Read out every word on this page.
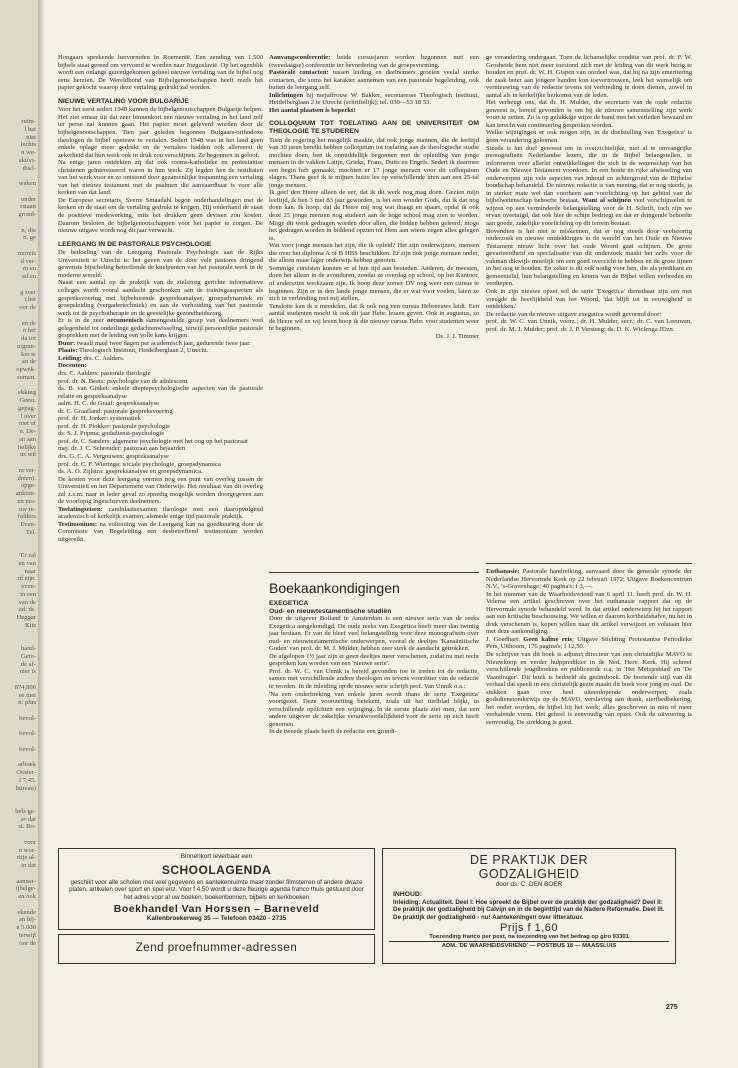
ruim-
l het
niet
lechts
n we-
aktivi-
doel-
waken
onder
rstaan
grond-
n, die
n. ge
moreis
d ver-
m en
ad en
g zeer
t het
oor de
en de
n het
da tot
uigran-
ker te
an de
opwek-
somen.
ekking
Geest.
gepag-
l over
niet of
n. De-
an aan
itelijke
us wil
m ver-
doten).
opge-
ankom-
en mo-
uw re-
folders
Evan-
Tel.
'Er zal
en van
naar
rd zijn.
even-
in een
van de
ud: ds.
Heggar
Kits
hand-
Gere-
de af-
nier is
874,806
ee met
n: plus
bevol-
bevol-
bevol-
arboek
Ooster-
f 7,45.
bureau)
bels ge-
er dat
st. Bo-
voor
n wor-
rtije al-
in dat
aanner-
ijbelge-
en ook
ekende
an bij-
n 5.000
terwijl
oor de

Hongaars sprekende hervormden in Roemenië. Een zending van 1.500 bijbels staat gereed om vervoerd te worden naar Joegoslavië. Op het ogenblik wordt een onlangs gereedgekomen geheel nieuwe vertaling van de bijbel nog eens herzien. De Wereldbond van Bijbelgenootschappen heeft reeds het papier gekocht waarop deze vertaling gedrukt zal worden.

NIEUWE VERTALING VOOR BULGARIJE

Voor het eerst sedert 1948 kunnen de bijbelgenootschappen Bulgarije helpen. Het ziet ernaar uit dat zeer binnenkort een nieuwe vertaling in het land zelf ter perse zal kunnen gaan. Het papier moet geleverd worden door de bijbelgenootschappen. Tien jaar geleden begonnen Bulgaars-orthodoxe theologen de bijbel opnieuw te vertalen. Sedert 1948 was in het land geen enkele oplage meer gedrukt en de vertalers hadden ook allereerst de zekerheid dat hun werk ook in druk zou verschijnen. Ze begonnen in geloof.

Na enige jaren ontdekten zij dat ook rooms-katholieke en protestantse christenen geïnteresseerd waren in hun werk. Zij legden hen de resultaten van het werk voor en zo ontstond door gezamenlijke inspanning een vertaling van het nieuwe testament met de psalmen die aanvaardbaar is voor alle kerken van dat land.

De Europese secretaris, Sverre Smaadahl begon onderhandelingen met de kerken en de staat om de vertaling gedrukt te krijgen. Hij onderhand de staat de positieve medewerking, mits het drukken geen devisen zou kosten. Daarom besloten de bijbelgenootschappen voor het papier te zorgen. De nieuwe uitgave wordt nog dit jaar verwacht.

LEERGANG IN DE PASTORALE PSYCHOLOGIE

De bedoeling van de Leergang Pastorale Psychologie aan de Rijks Universiteit te Utrecht is: het geven van de door vele pastores dringend gewenste bijscholing betreffende de knelpunten van het pastorale werk in de moderne wereld.

Naast een aantal op de praktijk van de zielszorg gerichte informatieve colleges wordt vooral aandacht geschonken aan de trainingsaspecten als gespreksvoering met bijbehorende gespreksanalyse, groepsdynamiek en groepsleiding (vergadertechniek) en aan de verhouding van het pastorale werk tot de psychotherapie en de geestelijke gezondheidszorg.

Er is in de zeer oecumenisch samengestelde groep van deelnemers veel gelegenheid tot onderlinge gedachtenwisseling, terwijl persoonlijke pastorale gesprekken met de leiding een volle kans krijgen.

Duur: twaalf maal twee dagen per academisch jaar, gedurende twee jaar.

Plaats: Theologisch Instituut, Heidelberglaan 2, Utrecht.

Leiding: drs. C. Aalders.

Docenten:

drs. C. Aalders: pastorale theologie

prof. dr. N. Beets: psychologie van de adolescent

ds. B. van Ginkel: enkele dieptepsychologische aspecten van de pastorale relatie en gespreksanalyse

aalm. H. C. de Graaf: gespreksanalyse

dr. C. Graafland: pastorale gespreksvoering

prof. dr. H. Jonker: systematiek

prof. dr. H. Plokker: pastorale psychologie

ds. S. J. Popma: godsdienst-psychologie

prof. dr. C. Sanders: algemene psychologie met het oog op het pastoraat

mej. dr. J. C. Schreuder: pastoraat aan bejaarden

drs. G. C. A. Vergouwen: gespreksanalyse

prof. dr. C. F. Wieringa: sociale psychologie, groepsdynamica

ds. A. O. Zijlstra: gespreksanalyse en groepsdynamica.

De kosten voor deze leergang vormen nog een punt van overleg tussen de Universiteit en het Departement van Onderwijs. Het resultaat van dit overleg zal z.s.m. naar in leder geval zo spoedig mogelijk worden doorgegeven aan de voorlopig ingeschreven deelnemers.

Toelatingseisen: candidaatsexamen theologie met een daaropvolgend academisch of kerkelijk examen, alsmede enige tijd pastorale praktijk.

Testimonium: na voltooiing van de Leergang kan na goedkeuring door de Commissie van Begeleiding een desbetreffend testimonium worden uitgereikt.

Aanvangsconferentie: beide cursusjaren worden begonnen met een (tweedaagse) conferentie ter bevordering van de groepsvorming.

Pastorale contacten: tussen leiding en deelnemers groeien veelal sterke contacten, die soms het karakter aannemen van een pastorale begeleiding, ook buiten de leergang zelf.

Inlichtingen bij mejuffrouw W. Bakker, secretaresse Theologisch Instituut, Heidelberglaan 2 te Utrecht (schriftelijk); tel. 030—53 18 53.

Het aantal plaatsen is beperkt!

COLLOQUIUM TOT TOELATING AAN DE UNIVERSITEIT OM THEOLOGIE TE STUDEREN

Toen de regering het mogelijk maakte, dat ook jonge mannen, die de leeftijd van 30 jaren bereikt hebben colloquium tot toelating aan de theologische studie mochten doen, ben ik onmiddellijk begonnen met de opleiding van jonge mensen in de vakken Latijn, Grieks, Frans, Duits en Engels. Sedert ik daarmee een begin heb gemaakt, mochten er 17 jonge mensen voor dit colloquium slagen. Thans geef ik te mijnen huize les op verschillende uren aan een 25-tal jonge mensen.

Ik geef den Heere alleen de eer, dat ik dit werk nog mag doen. Gezien mijn leeftijd, ik ben 3 mei 83 jaar geworden, is het een wonder Gods, dat ik dat nog doen kan. Ik hoop, dat de Heere mij nog wat draagt en spaart, opdat ik ook deze 25 jonge mensen nog studeert aan de hoge school mag zien te worden. Moge dit werk gedragen worden door allen, die bidden hebben geleerd; moge het gedragen worden in biddend opzien tot Hem aan wiens zegen alles gelegen is.

Wat voor jonge mensen het zijn, die ik opleid? Het zijn onderwijzers, mensen die over het diploma A of B HBS beschikken. Er zijn ook jonge mensen onder, die alleen maar lager onderwijs hebben genoten.

Sommige cursisten kunnen er al hun tijd aan besteden. Anderen, de meesten, doen het alleen in de avonduren, zondat ze overdag op school, op het Kantoor, of anderszins werkzaam zijn. Ik hoop deze zomer DV nog weer een cursus te beginnen. Zijn er in den lande jonge mensen, die er wat voor voelen, laten ze zich in verbinding met mij stellen.

Tenslotte kan ik u meedelen, dat ik ook nog een cursus Hebreeuws leidt. Een aantal studenten mocht ik ook dit jaar Hebr. lessen geven. Ook in augustus, so de Heere wil en wij leven hoop ik die nieuwe cursus Hebr. voor studenten weer te beginnen.

Ds. J. J. Timmer

Boekaankondigingen

EXEGETICA

Oud- en nieuwtestamentische studiën

Door de uitgever Bolland te Amsterdam is een nieuwe serie van de reeks Exegetica aangekondigd. De oude reeks van Exegetica heeft meer dan twintig jaar bestaan. Er van de bleef veel belangstelling voor deze monografieën over oud- en nieuwtestamentische onderwerpen, vooral de deeltjes 'Kanaänitische Goden' van prof. dr. M. J. Mulder, hebben zeer sterk de aandacht getrokken.

De afgelopen 1½ jaar zijn er geen deeltjes meer verschenen, zodat nu met recht gesproken kan worden van een 'nieuwe serie'.

Prof. dr. W. C. van Unnik is bereid gevonden toe te treden tot de redactie, samen met verschillende andere theologen en tevens voorzitter van de redactie te worden. In de inleiding op de nieuwe serie schrijft prof. Van Unnik o.a.:

'Na een onderbreking van enkele jaren wordt thans de serie 'Exegetica' voortgezet. Deze voortzetting betekent, zoals uit het titelblad blijkt, in verschillende opzichten een wijziging. In de eerste plaats ziet men, dat een andere uitgever de zakelijke verantwoordelijkheid voor de serie op zich heeft genomen.

In de tweede plaats heeft de redactie een grondi-

ge verandering ondergaan. Toen de lichamelijke conditie van prof. dr. F. W. Grosheide hem niet meer toestond zich met de leiding van dit werk bezig te houden en prof. dr. W. H. Gispen van oordeel was, dat hij na zijn emeritering de zaak beter aan jongere handen kon toevertrouwen, leek het wenselijk om vernieuwing van de redactie tevens tot verbreding te doen dienen, zowel in aantal als in kerkelijke herkomst van de leden.

Het verheugt ons, dat dr. H. Mulder, die secretaris van de oude redactie geweest is, bereid gevonden is om bij de nieuwe samenstelling zijn werk voort te zetten. Zo is op gelukkige wijze de band met het verleden bewaard en kan terecht van continuering gesproken worden.

Welke wijzigingen er ook mogen zijn, in de doelstelling van 'Exegetica' is geen verandering gekomen.

Steeds is het doel geweest om in overzichtelijke, niet al te omvangrijke monografieën Nederlandse lezers, die in de Bijbel belangstellen, te informeren over allerlei ontwikkelingen die zich in de wetenschap van het Oude en Nieuwe Testament voordoen. In een bonte en rijke afwisseling van onderwerpen zijn vele aspecten van inhoud en achtergrond van de Bijbelse boodschap behandeld. De nieuwe redactie is van mening, dat er nog steeds, ja in sterker mate wel dan voorheen aan voorlichting op het gebied van de bijbelwetenschap behoefte bestaat. Want al schijnen veel verschijnselen te wijzen op een verminderde belangstelling voor de H. Schrift, toch zijn we ervan overtuigd, dat ook hier de schijn bedriegt en dat er dringende behoefte aan goede, zakelijke voorlichting op dit terrein bestaat.

Bovendien is het niet te miskennen, dat er nog steeds door veelsoortig onderzoek en nieuwe ontdekkingen in de wereld van het Oude en Nieuwe Testament nieuw licht over het oude Woord gaat schijnen. De grote gevarieerdheid en specialisatie van dit onderzoek maakt het zelfs voor de vakman dikwijls moeilijk om een goed overzicht te hebben en de grote lijnen in het oog te houden. En zeker is dit ook nodig voor hen, die als predikant en gemeentelid, hun belangstelling en kennis van de Bijbel willen verbreden en verdiepen.

Ook in zijn nieuwe opzet wil de serie 'Exegetica' dienstbaar zijn om met vreugde de heerlijkheid van het Woord, 'dat blijft tot in eeuwigheid' te ontdekken.'

De redactie van de nieuwe uitgave exegetica wordt gevormd door:

prof. dr. W. C. van Unnik, voorz.; dr. H. Mulder, secr.; dr. C. van Leeuwen, prof. dr. M. J. Mulder; prof. dr. J. P. Versteeg; ds. D. K. Wiclenga JDzn.

Euthanasie: Pastorale handreiking, aanvaard door de generale synode der Nederlandse Hervormde Kerk op 22 februari 1972; Uitgave Boekencentrum N.V., 's-Gravenhage; 40 pagina's; f 3,—.

In het nummer van de Waarheidsvriend van 6 april 11. heeft prof. dr. W. H. Velema een artikel geschreven over het euthanasie rapport dat op de Hervormde synode behandeld werd. In dat artikel onderwierp hij het rapport aan een kritische beschouwing. We willen er daarom kortheidshalve, nu het in druk verschenen is, kopen willen naar dit artikel verwijzen en volstaan hier met deze aankondiging.

J. Goedhart: Geen kalme reis; Uitgave Stichting Protestantse Periodieke Pers, Uithoorn, 176 pagina's; f 12,50.

De schrijver van dit boek is adjunct directeur van een christelijke MAVO te Nieuwkoop en verder hulppredikier in de Ned. Herv. Kerk. Hij schreef verschillende jeugdboeken en publiceerde o.a. in 'Het Meisjesblad' en 'De Vaandrager'. Dit boek is bedoeld als gezinsboek. De boeiende stijl van dit verhaal dat speelt in een christelijk gezin maakt dit boek voor jong en oud. De stukken gaan over heel uiteenlopende onderwerpen, zoals godsdienstonderwijs op de MAVO, verslaving aan drank, sterfbedbekering, het onder worden, de bijbel bij het werk; alles geschreven in min of meer verhalende vorm. Het geheel is eenvoudig van opzet. Ook de uitvoering is eenvoudig. De strekking is goed.

Binnenkort leverbaar een
SCHOOLAGENDA
geschikt voor alle scholen met veel gegevens en aantekenruimte maar zonder filmsterren of andere dwaze platen, artikelen over sport en spel enz. Voor f 4,50 wordt u deze fleurige agenda franco thuis gestuurd door het adres voor al uw boeken, boekenbonnen, bijbels en kerkboeken
Boekhandel Van Horssen – Barneveld
Kallenbroekerweg 35 — Telefoon 03420 - 2735
Zend proefnummer-adressen
DE PRAKTIJK DER
GODZALIGHEID
door ds. C. DEN BOER
INHOUD:
Inleiding: Actualiteit. Deel I: Hoe spreekt de Bijbel over de praktijk der godzaligheid? Deel II: De praktijk der godzaligheid bij Calvijn en in de beginttijd van de Nadere Reformatie. Deel III. De praktijk der godzaligheid - nu! Aantekeningen over litteratuur.
Prijs f 1,60
Toezending franco per post, na toezending van het bedrag op giro 93301
ADM. 'DE WAARHEIDSVRIEND' — POSTBUS 18 — MAASSLUIS
275
